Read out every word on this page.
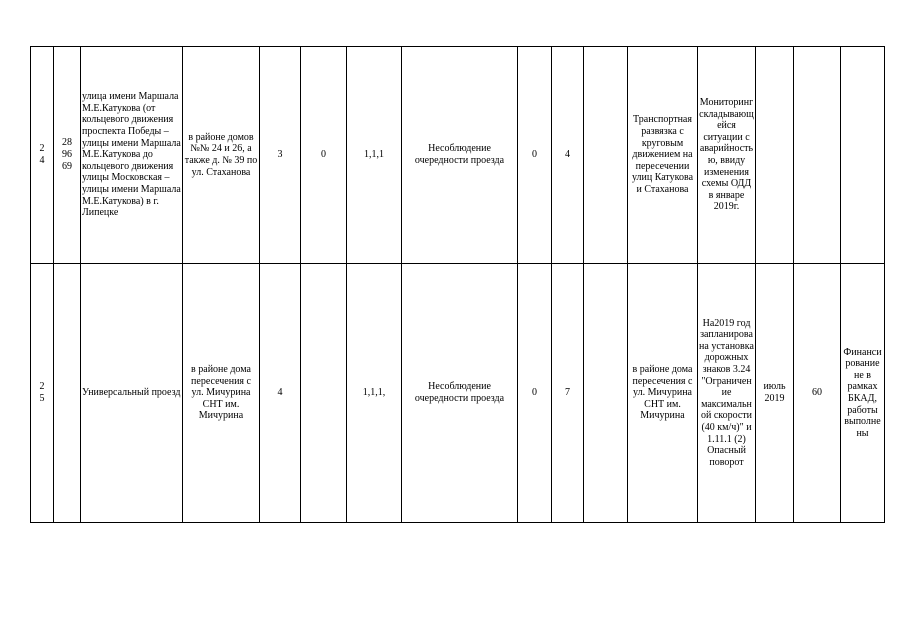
24	289669	улица имени Маршала М.Е.Катукова (от кольцевого движения проспекта Победы – улицы имени Маршала М.Е.Катукова до кольцевого движения улицы Московская – улицы имени Маршала М.Е.Катукова) в г. Липецке	в районе домов №№ 24 и 26, а также д. № 39 по ул. Стаханова	3	0	1,1,1	Несоблюдение очередности проезда	0	4		Транспортная развязка с круговым движением на пересечении улиц Катукова и Стаханова	Мониторинг складывающейся ситуации с аварийностью, ввиду изменения схемы ОДД в январе 2019г.			

25		Универсальный проезд	в районе дома пересечения с ул. Мичурина СНТ им. Мичурина	4		1,1,1,	Несоблюдение очередности проезда	0	7		в районе дома пересечения с ул. Мичурина СНТ им. Мичурина	На2019 год запланирована установка дорожных знаков 3.24 "Ограничение максимальной скорости (40 км/ч)" и 1.11.1 (2) Опасный поворот	июль 2019	60	Финансирование не в рамках БКАД, работы выполнены
